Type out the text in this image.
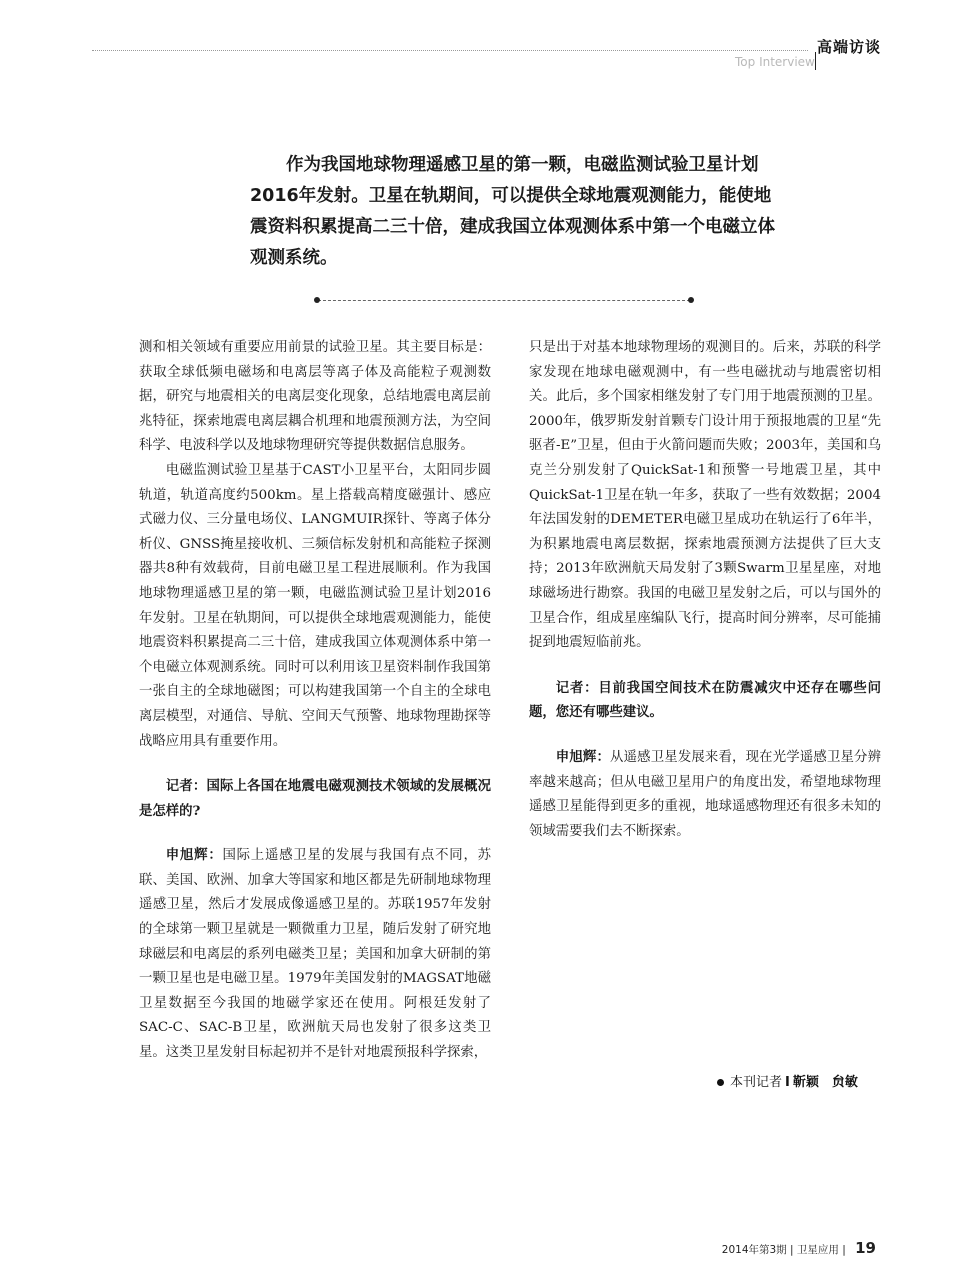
高端访谈
Top Interview

作为我国地球物理遥感卫星的第一颗，电磁监测试验卫星计划2016年发射。卫星在轨期间，可以提供全球地震观测能力，能使地震资料积累提高二三十倍，建成我国立体观测体系中第一个电磁立体观测系统。

测和相关领域有重要应用前景的试验卫星。其主要目标是：获取全球低频电磁场和电离层等离子体及高能粒子观测数据，研究与地震相关的电离层变化现象，总结地震电离层前兆特征，探索地震电离层耦合机理和地震预测方法，为空间科学、电波科学以及地球物理研究等提供数据信息服务。

电磁监测试验卫星基于CAST小卫星平台，太阳同步圆轨道，轨道高度约500km。星上搭载高精度磁强计、感应式磁力仪、三分量电场仪、LANGMUIR探针、等离子体分析仪、GNSS掩星接收机、三频信标发射机和高能粒子探测器共8种有效载荷，目前电磁卫星工程进展顺利。作为我国地球物理遥感卫星的第一颗，电磁监测试验卫星计划2016年发射。卫星在轨期间，可以提供全球地震观测能力，能使地震资料积累提高二三十倍，建成我国立体观测体系中第一个电磁立体观测系统。同时可以利用该卫星资料制作我国第一张自主的全球地磁图；可以构建我国第一个自主的全球电离层模型，对通信、导航、空间天气预警、地球物理勘探等战略应用具有重要作用。

记者：国际上各国在地震电磁观测技术领域的发展概况是怎样的?

申旭辉：国际上遥感卫星的发展与我国有点不同，苏联、美国、欧洲、加拿大等国家和地区都是先研制地球物理遥感卫星，然后才发展成像遥感卫星的。苏联1957年发射的全球第一颗卫星就是一颗微重力卫星，随后发射了研究地球磁层和电离层的系列电磁类卫星；美国和加拿大研制的第一颗卫星也是电磁卫星。1979年美国发射的MAGSAT地磁卫星数据至今我国的地磁学家还在使用。阿根廷发射了SAC-C、SAC-B卫星，欧洲航天局也发射了很多这类卫星。这类卫星发射目标起初并不是针对地震预报科学探索，

只是出于对基本地球物理场的观测目的。后来，苏联的科学家发现在地球电磁观测中，有一些电磁扰动与地震密切相关。此后，多个国家相继发射了专门用于地震预测的卫星。2000年，俄罗斯发射首颗专门设计用于预报地震的卫星“先驱者-E”卫星，但由于火箭问题而失败；2003年，美国和乌克兰分别发射了QuickSat-1和预警一号地震卫星，其中QuickSat-1卫星在轨一年多，获取了一些有效数据；2004年法国发射的DEMETER电磁卫星成功在轨运行了6年半，为积累地震电离层数据，探索地震预测方法提供了巨大支持；2013年欧洲航天局发射了3颗Swarm卫星星座，对地球磁场进行勘察。我国的电磁卫星发射之后，可以与国外的卫星合作，组成星座编队飞行，提高时间分辨率，尽可能捕捉到地震短临前兆。

记者：目前我国空间技术在防震减灾中还存在哪些问题，您还有哪些建议。

申旭辉：从遥感卫星发展来看，现在光学遥感卫星分辨率越来越高；但从电磁卫星用户的角度出发，希望地球物理遥感卫星能得到更多的重视，地球遥感物理还有很多未知的领域需要我们去不断探索。

本刊记者 I 靳颖　贠敏
2014年第3期 | 卫星应用 | 19
